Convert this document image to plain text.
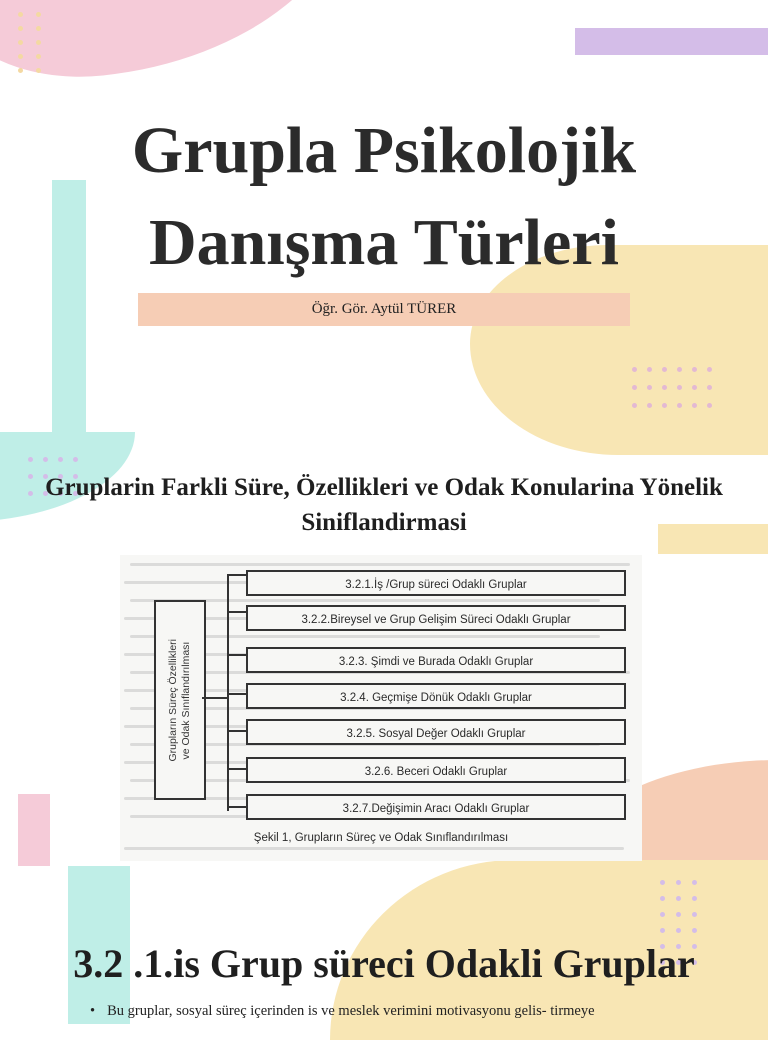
Grupla Psikolojik Danışma Türleri
Öğr. Gör. Aytül TÜRER
Gruplarin Farkli Süre, Özellikleri ve Odak Konularina Yönelik Siniflandirmasi
Grupların Süreç Özellikleri ve Odak Sınıflandırılması
3.2.1.İş /Grup süreci Odaklı Gruplar
3.2.2.Bireysel ve Grup Gelişim Süreci Odaklı Gruplar
3.2.3. Şimdi ve Burada Odaklı Gruplar
3.2.4. Geçmişe Dönük Odaklı Gruplar
3.2.5. Sosyal Değer Odaklı Gruplar
3.2.6. Beceri Odaklı Gruplar
3.2.7.Değişimin Aracı Odaklı Gruplar
Şekil 1, Grupların Süreç ve Odak Sınıflandırılması
3.2 .1.is Grup süreci Odakli Gruplar
• Bu gruplar, sosyal süreç içerinden is ve meslek verimini motivasyonu gelis- tirmeye
